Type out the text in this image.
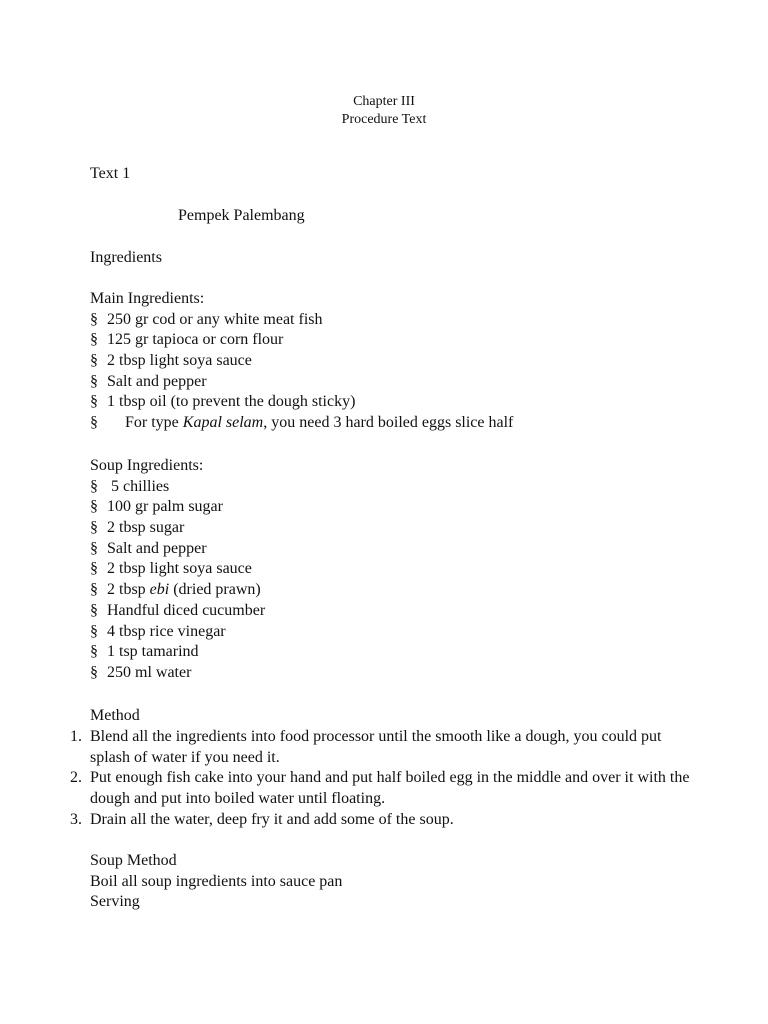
Chapter III
Procedure Text
Text 1
Pempek Palembang
Ingredients
Main Ingredients:
§ 250 gr cod or any white meat fish
§ 125 gr tapioca or corn flour
§ 2 tbsp light soya sauce
§ Salt and pepper
§ 1 tbsp oil (to prevent the dough sticky)
§ For type Kapal selam, you need 3 hard boiled eggs slice half
Soup Ingredients:
§ 5 chillies
§ 100 gr palm sugar
§ 2 tbsp sugar
§ Salt and pepper
§ 2 tbsp light soya sauce
§ 2 tbsp ebi (dried prawn)
§ Handful diced cucumber
§ 4 tbsp rice vinegar
§ 1 tsp tamarind
§ 250 ml water
Method
1. Blend all the ingredients into food processor until the smooth like a dough, you could put splash of water if you need it.
2. Put enough fish cake into your hand and put half boiled egg in the middle and over it with the dough and put into boiled water until floating.
3. Drain all the water, deep fry it and add some of the soup.
Soup Method
Boil all soup ingredients into sauce pan
Serving
